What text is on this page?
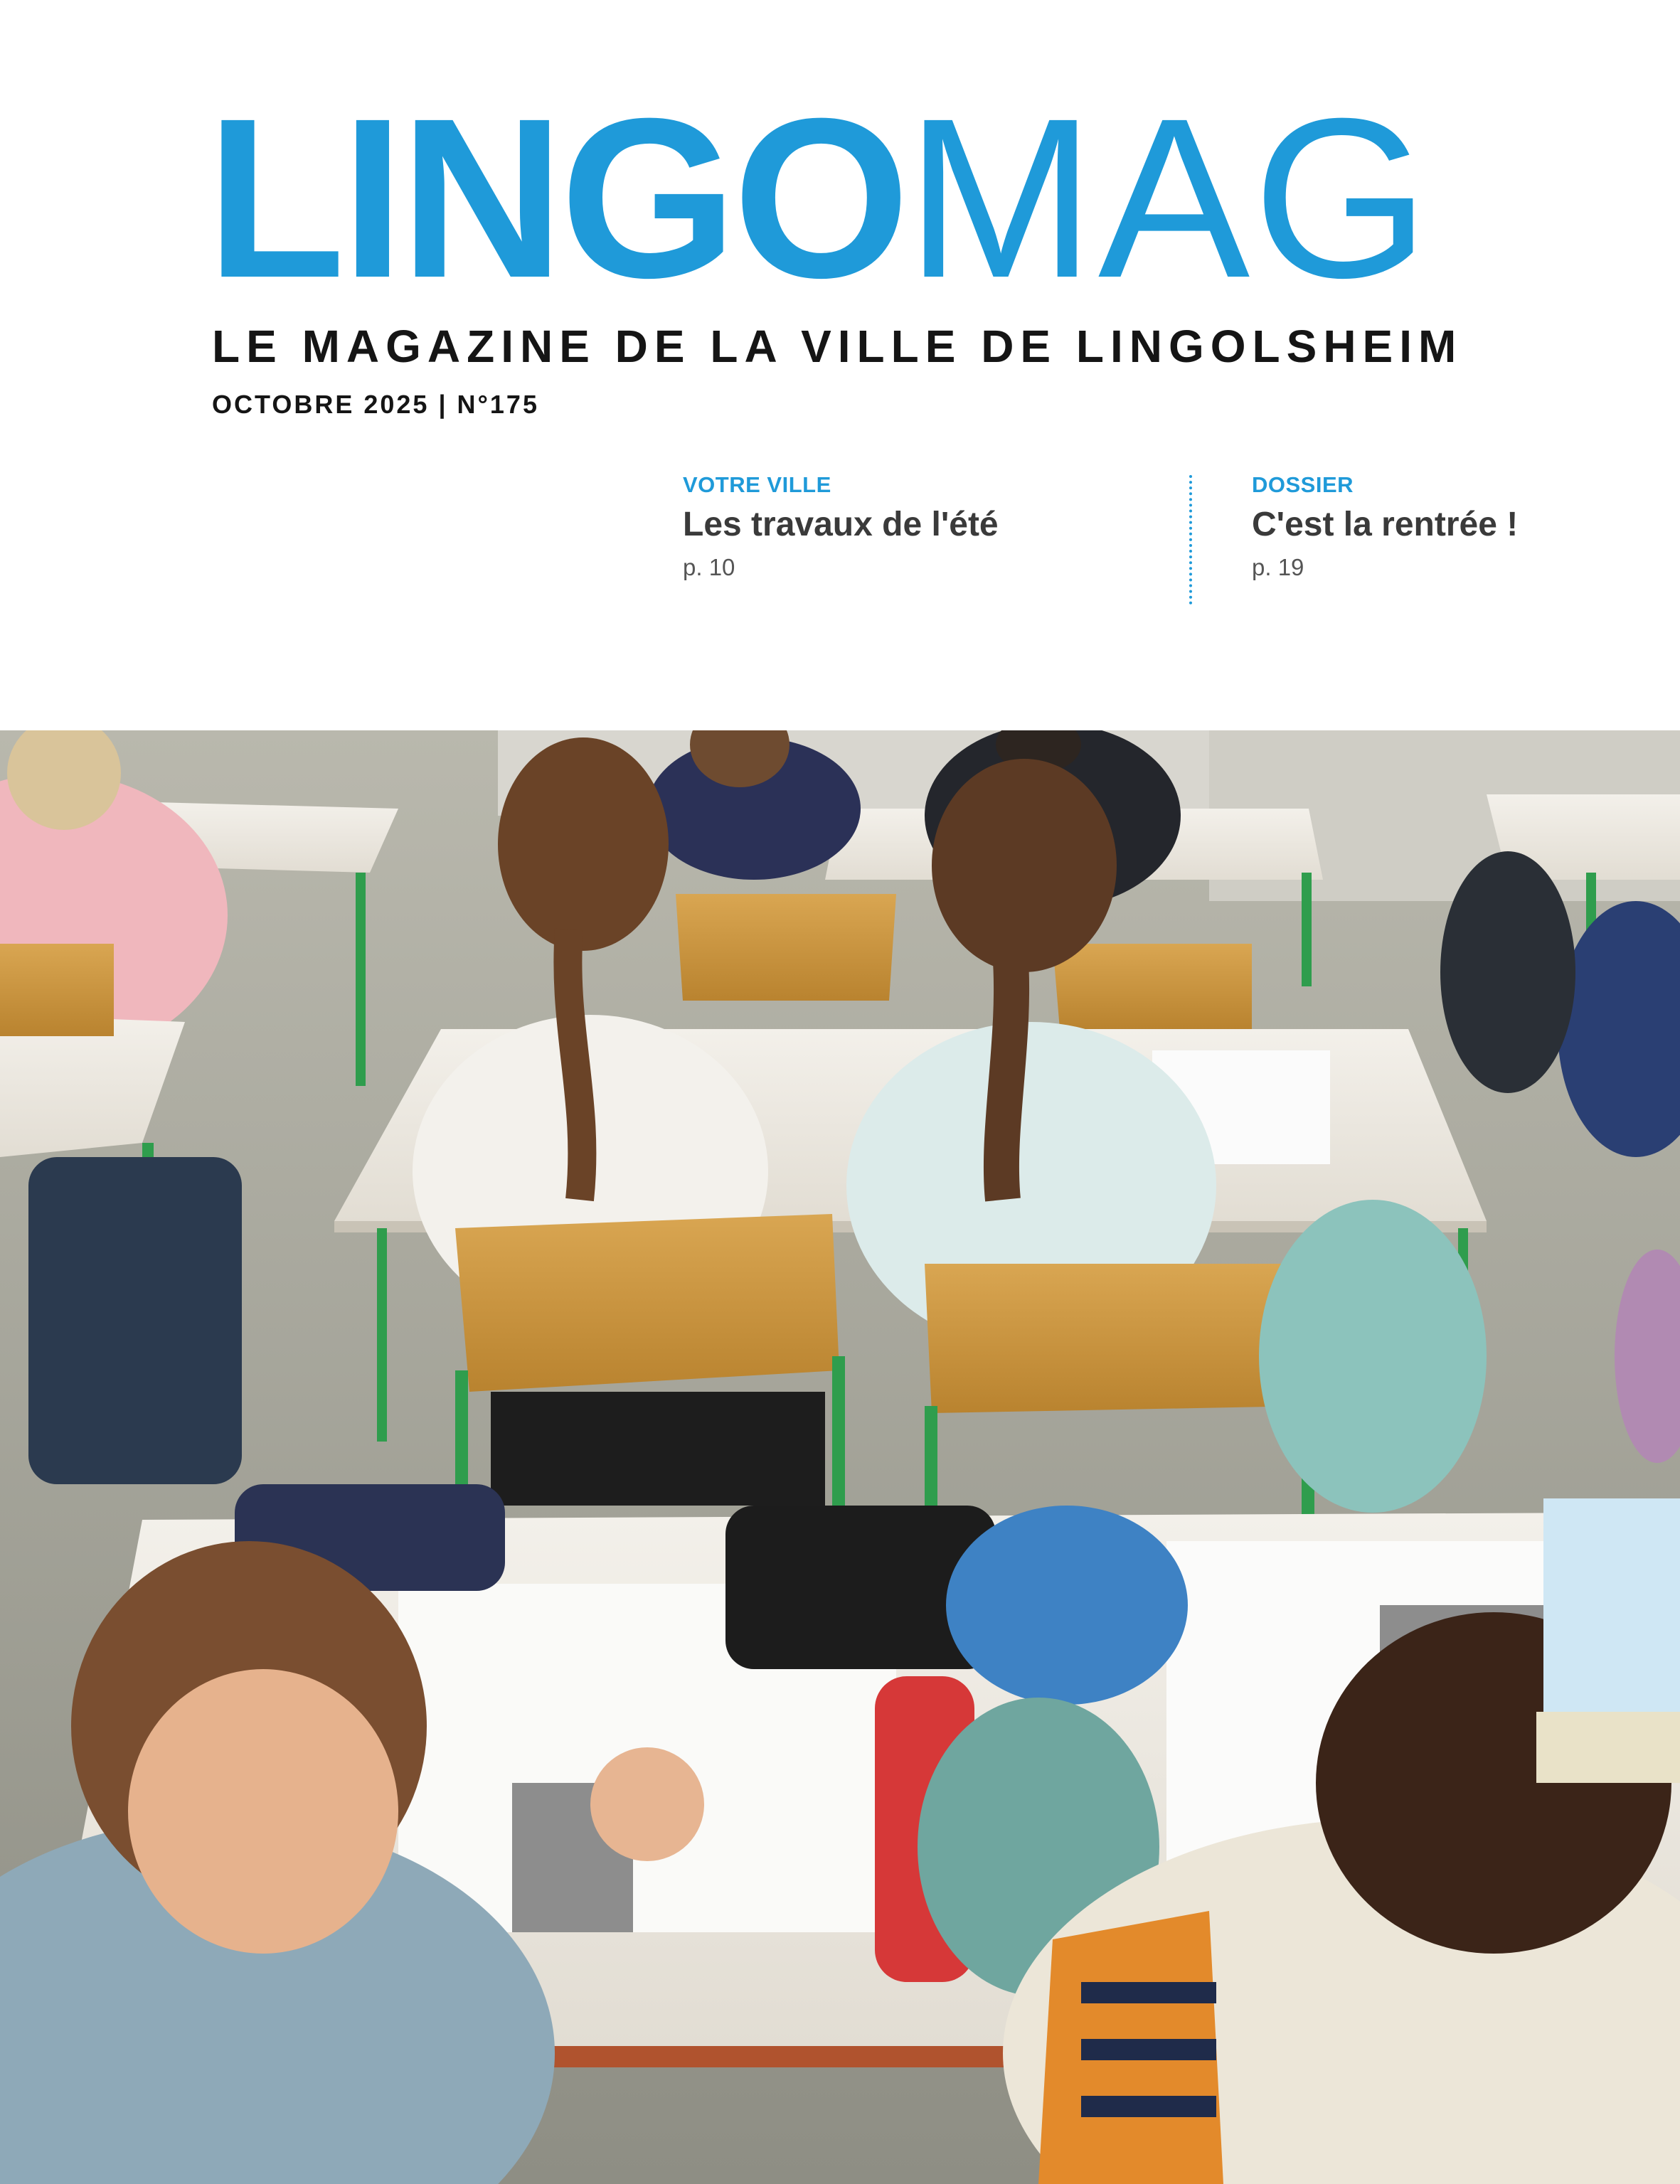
LINGOMAG
LE MAGAZINE DE LA VILLE DE LINGOLSHEIM
OCTOBRE 2025 | N°175
VOTRE VILLE
Les travaux de l'été
p. 10
DOSSIER
C'est la rentrée !
p. 19
